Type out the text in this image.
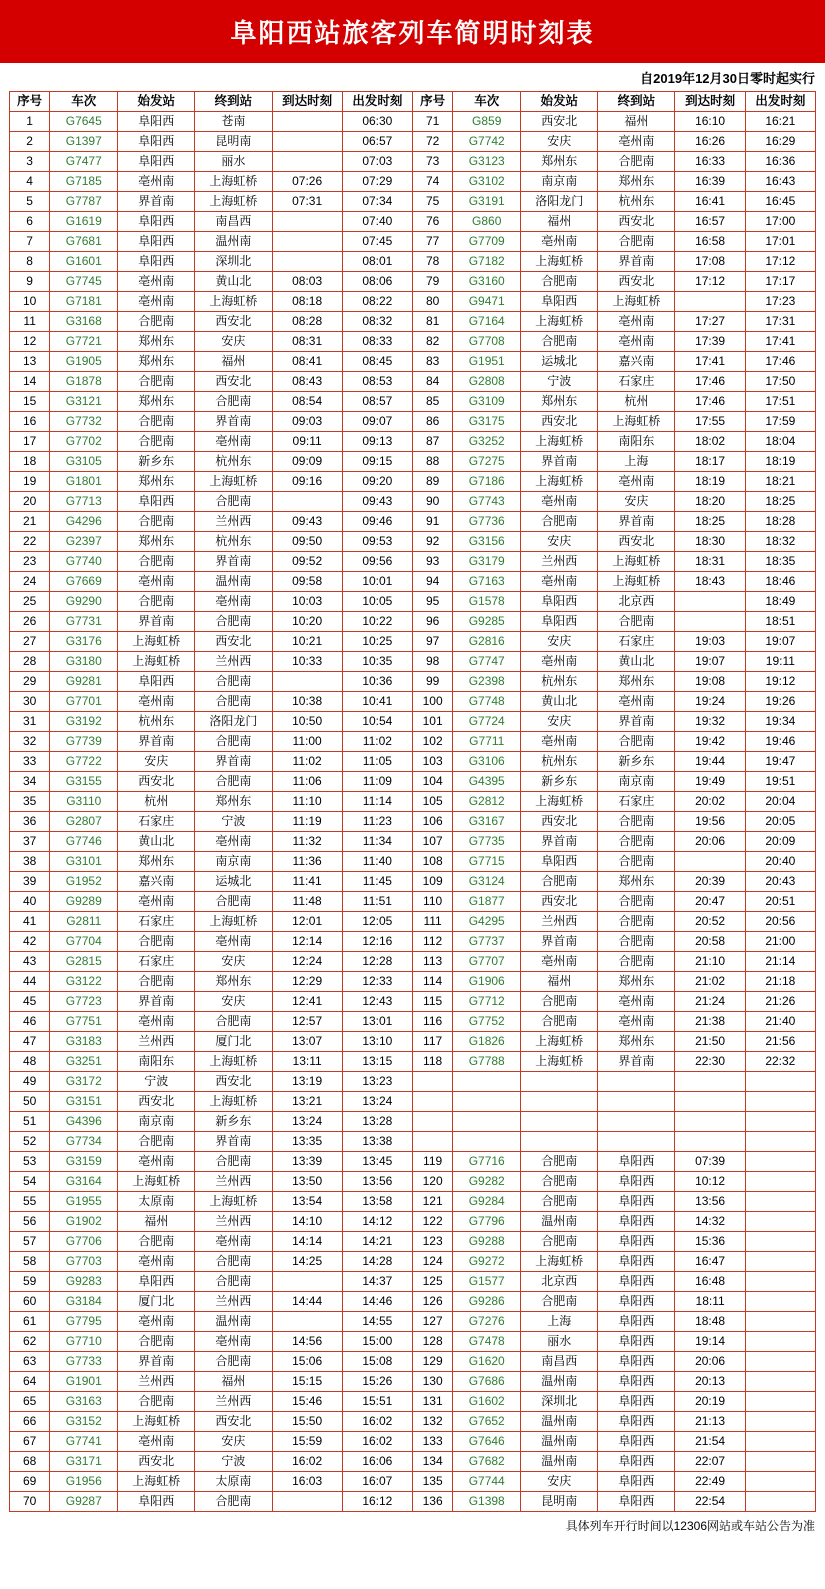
阜阳西站旅客列车简明时刻表
自2019年12月30日零时起实行
序号	车次	始发站	终到站	到达时刻	出发时刻	序号	车次	始发站	终到站	到达时刻	出发时刻
1	G7645	阜阳西	苍南		06:30	71	G859	西安北	福州	16:10	16:21
2	G1397	阜阳西	昆明南		06:57	72	G7742	安庆	亳州南	16:26	16:29
3	G7477	阜阳西	丽水		07:03	73	G3123	郑州东	合肥南	16:33	16:36
4	G7185	亳州南	上海虹桥	07:26	07:29	74	G3102	南京南	郑州东	16:39	16:43
5	G7787	界首南	上海虹桥	07:31	07:34	75	G3191	洛阳龙门	杭州东	16:41	16:45
6	G1619	阜阳西	南昌西		07:40	76	G860	福州	西安北	16:57	17:00
7	G7681	阜阳西	温州南		07:45	77	G7709	亳州南	合肥南	16:58	17:01
8	G1601	阜阳西	深圳北		08:01	78	G7182	上海虹桥	界首南	17:08	17:12
9	G7745	亳州南	黄山北	08:03	08:06	79	G3160	合肥南	西安北	17:12	17:17
10	G7181	亳州南	上海虹桥	08:18	08:22	80	G9471	阜阳西	上海虹桥		17:23
11	G3168	合肥南	西安北	08:28	08:32	81	G7164	上海虹桥	亳州南	17:27	17:31
12	G7721	郑州东	安庆	08:31	08:33	82	G7708	合肥南	亳州南	17:39	17:41
13	G1905	郑州东	福州	08:41	08:45	83	G1951	运城北	嘉兴南	17:41	17:46
14	G1878	合肥南	西安北	08:43	08:53	84	G2808	宁波	石家庄	17:46	17:50
15	G3121	郑州东	合肥南	08:54	08:57	85	G3109	郑州东	杭州	17:46	17:51
16	G7732	合肥南	界首南	09:03	09:07	86	G3175	西安北	上海虹桥	17:55	17:59
17	G7702	合肥南	亳州南	09:11	09:13	87	G3252	上海虹桥	南阳东	18:02	18:04
18	G3105	新乡东	杭州东	09:09	09:15	88	G7275	界首南	上海	18:17	18:19
19	G1801	郑州东	上海虹桥	09:16	09:20	89	G7186	上海虹桥	亳州南	18:19	18:21
20	G7713	阜阳西	合肥南		09:43	90	G7743	亳州南	安庆	18:20	18:25
21	G4296	合肥南	兰州西	09:43	09:46	91	G7736	合肥南	界首南	18:25	18:28
22	G2397	郑州东	杭州东	09:50	09:53	92	G3156	安庆	西安北	18:30	18:32
23	G7740	合肥南	界首南	09:52	09:56	93	G3179	兰州西	上海虹桥	18:31	18:35
24	G7669	亳州南	温州南	09:58	10:01	94	G7163	亳州南	上海虹桥	18:43	18:46
25	G9290	合肥南	亳州南	10:03	10:05	95	G1578	阜阳西	北京西		18:49
26	G7731	界首南	合肥南	10:20	10:22	96	G9285	阜阳西	合肥南		18:51
27	G3176	上海虹桥	西安北	10:21	10:25	97	G2816	安庆	石家庄	19:03	19:07
28	G3180	上海虹桥	兰州西	10:33	10:35	98	G7747	亳州南	黄山北	19:07	19:11
29	G9281	阜阳西	合肥南		10:36	99	G2398	杭州东	郑州东	19:08	19:12
30	G7701	亳州南	合肥南	10:38	10:41	100	G7748	黄山北	亳州南	19:24	19:26
31	G3192	杭州东	洛阳龙门	10:50	10:54	101	G7724	安庆	界首南	19:32	19:34
32	G7739	界首南	合肥南	11:00	11:02	102	G7711	亳州南	合肥南	19:42	19:46
33	G7722	安庆	界首南	11:02	11:05	103	G3106	杭州东	新乡东	19:44	19:47
34	G3155	西安北	合肥南	11:06	11:09	104	G4395	新乡东	南京南	19:49	19:51
35	G3110	杭州	郑州东	11:10	11:14	105	G2812	上海虹桥	石家庄	20:02	20:04
36	G2807	石家庄	宁波	11:19	11:23	106	G3167	西安北	合肥南	19:56	20:05
37	G7746	黄山北	亳州南	11:32	11:34	107	G7735	界首南	合肥南	20:06	20:09
38	G3101	郑州东	南京南	11:36	11:40	108	G7715	阜阳西	合肥南		20:40
39	G1952	嘉兴南	运城北	11:41	11:45	109	G3124	合肥南	郑州东	20:39	20:43
40	G9289	亳州南	合肥南	11:48	11:51	110	G1877	西安北	合肥南	20:47	20:51
41	G2811	石家庄	上海虹桥	12:01	12:05	111	G4295	兰州西	合肥南	20:52	20:56
42	G7704	合肥南	亳州南	12:14	12:16	112	G7737	界首南	合肥南	20:58	21:00
43	G2815	石家庄	安庆	12:24	12:28	113	G7707	亳州南	合肥南	21:10	21:14
44	G3122	合肥南	郑州东	12:29	12:33	114	G1906	福州	郑州东	21:02	21:18
45	G7723	界首南	安庆	12:41	12:43	115	G7712	合肥南	亳州南	21:24	21:26
46	G7751	亳州南	合肥南	12:57	13:01	116	G7752	合肥南	亳州南	21:38	21:40
47	G3183	兰州西	厦门北	13:07	13:10	117	G1826	上海虹桥	郑州东	21:50	21:56
48	G3251	南阳东	上海虹桥	13:11	13:15	118	G7788	上海虹桥	界首南	22:30	22:32
49	G3172	宁波	西安北	13:19	13:23						
50	G3151	西安北	上海虹桥	13:21	13:24						
51	G4396	南京南	新乡东	13:24	13:28						
52	G7734	合肥南	界首南	13:35	13:38						
53	G3159	亳州南	合肥南	13:39	13:45	119	G7716	合肥南	阜阳西	07:39	
54	G3164	上海虹桥	兰州西	13:50	13:56	120	G9282	合肥南	阜阳西	10:12	
55	G1955	太原南	上海虹桥	13:54	13:58	121	G9284	合肥南	阜阳西	13:56	
56	G1902	福州	兰州西	14:10	14:12	122	G7796	温州南	阜阳西	14:32	
57	G7706	合肥南	亳州南	14:14	14:21	123	G9288	合肥南	阜阳西	15:36	
58	G7703	亳州南	合肥南	14:25	14:28	124	G9272	上海虹桥	阜阳西	16:47	
59	G9283	阜阳西	合肥南		14:37	125	G1577	北京西	阜阳西	16:48	
60	G3184	厦门北	兰州西	14:44	14:46	126	G9286	合肥南	阜阳西	18:11	
61	G7795	亳州南	温州南		14:55	127	G7276	上海	阜阳西	18:48	
62	G7710	合肥南	亳州南	14:56	15:00	128	G7478	丽水	阜阳西	19:14	
63	G7733	界首南	合肥南	15:06	15:08	129	G1620	南昌西	阜阳西	20:06	
64	G1901	兰州西	福州	15:15	15:26	130	G7686	温州南	阜阳西	20:13	
65	G3163	合肥南	兰州西	15:46	15:51	131	G1602	深圳北	阜阳西	20:19	
66	G3152	上海虹桥	西安北	15:50	16:02	132	G7652	温州南	阜阳西	21:13	
67	G7741	亳州南	安庆	15:59	16:02	133	G7646	温州南	阜阳西	21:54	
68	G3171	西安北	宁波	16:02	16:06	134	G7682	温州南	阜阳西	22:07	
69	G1956	上海虹桥	太原南	16:03	16:07	135	G7744	安庆	阜阳西	22:49	
70	G9287	阜阳西	合肥南		16:12	136	G1398	昆明南	阜阳西	22:54	
具体列车开行时间以12306网站或车站公告为准
